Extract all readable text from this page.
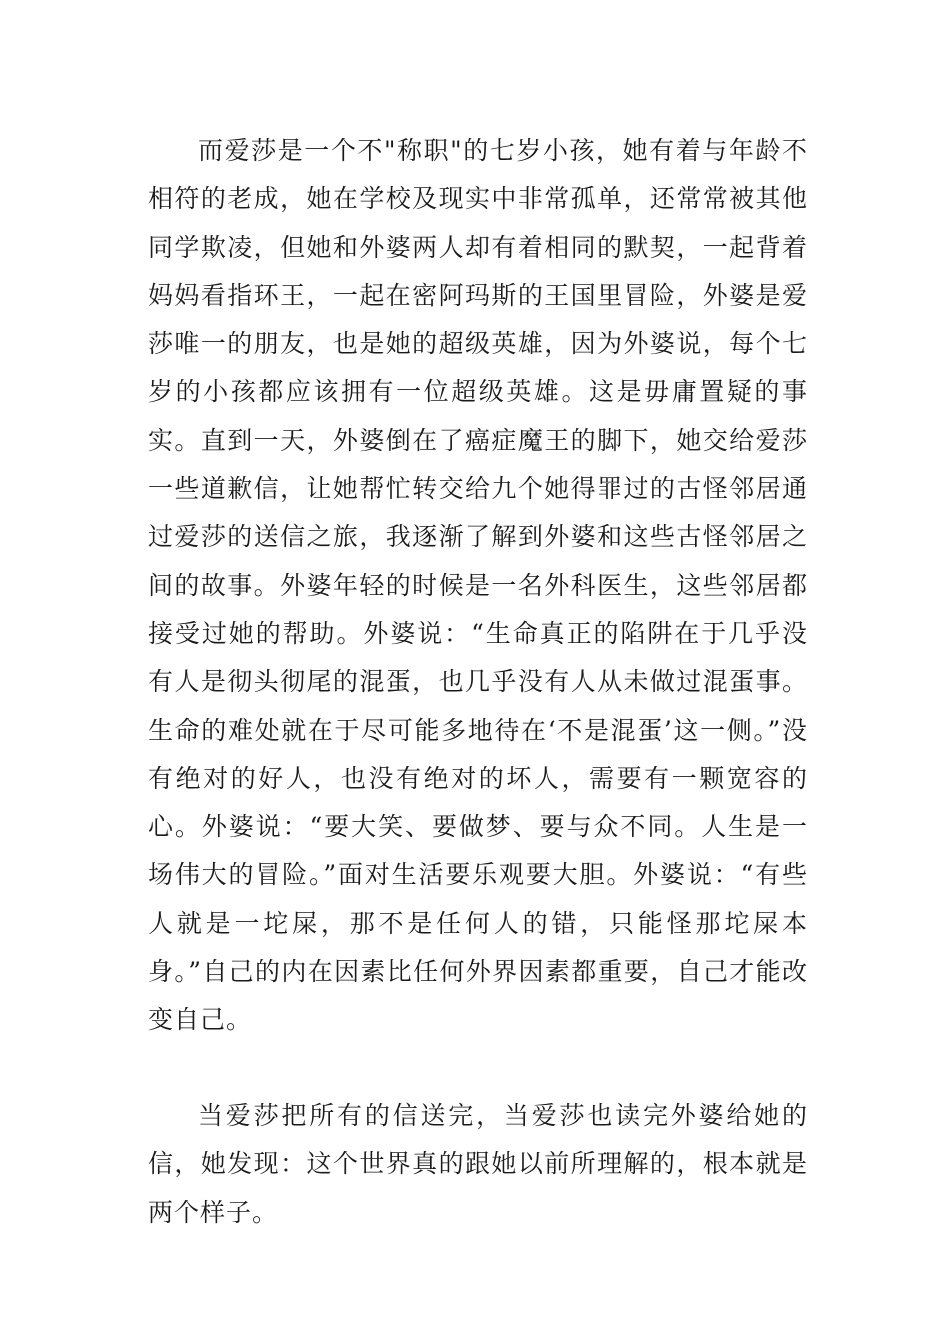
而爱莎是一个不"称职"的七岁小孩，她有着与年龄不相符的老成，她在学校及现实中非常孤单，还常常被其他同学欺凌，但她和外婆两人却有着相同的默契，一起背着妈妈看指环王，一起在密阿玛斯的王国里冒险，外婆是爱莎唯一的朋友，也是她的超级英雄，因为外婆说，每个七岁的小孩都应该拥有一位超级英雄。这是毋庸置疑的事实。直到一天，外婆倒在了癌症魔王的脚下，她交给爱莎一些道歉信，让她帮忙转交给九个她得罪过的古怪邻居通过爱莎的送信之旅，我逐渐了解到外婆和这些古怪邻居之间的故事。外婆年轻的时候是一名外科医生，这些邻居都接受过她的帮助。外婆说：“生命真正的陷阱在于几乎没有人是彻头彻尾的混蛋，也几乎没有人从未做过混蛋事。生命的难处就在于尽可能多地待在‘不是混蛋’这一侧。”没有绝对的好人，也没有绝对的坏人，需要有一颗宽容的心。外婆说：“要大笑、要做梦、要与众不同。人生是一场伟大的冒险。”面对生活要乐观要大胆。外婆说：“有些人就是一坨屎，那不是任何人的错，只能怪那坨屎本身。”自己的内在因素比任何外界因素都重要，自己才能改变自己。

当爱莎把所有的信送完，当爱莎也读完外婆给她的信，她发现：这个世界真的跟她以前所理解的，根本就是两个样子。
